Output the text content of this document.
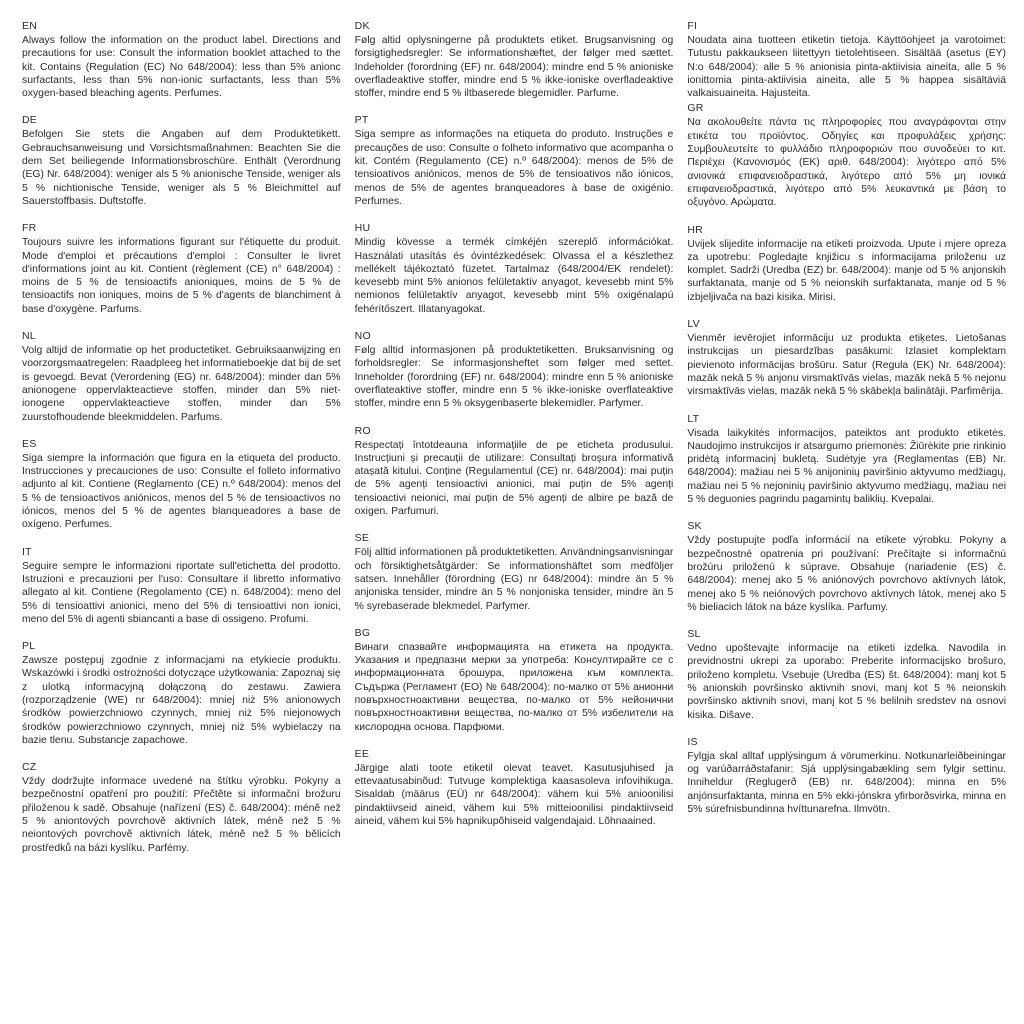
EN

Always follow the information on the product label. Directions and precautions for use: Consult the information booklet attached to the kit. Contains (Regulation (EC) No 648/2004): less than 5% anionc surfactants, less than 5% non-ionic surfactants, less than 5% oxygen-based bleaching agents. Perfumes.

DE

Befolgen Sie stets die Angaben auf dem Produktetikett. Gebrauchsanweisung und Vorsichtsmaßnahmen: Beachten Sie die dem Set beiliegende Informationsbroschüre. Enthält (Verordnung (EG) Nr. 648/2004): weniger als 5 % anionische Tenside, weniger als 5 % nichtionische Tenside, weniger als 5 % Bleichmittel auf Sauerstoffbasis. Duftstoffe.

FR

Toujours suivre les informations figurant sur l'étiquette du produit. Mode d'emploi et précautions d'emploi : Consulter le livret d'informations joint au kit. Contient (règlement (CE) n° 648/2004) : moins de 5 % de tensioactifs anioniques, moins de 5 % de tensioactifs non ioniques, moins de 5 % d'agents de blanchiment à base d'oxygène. Parfums.

NL

Volg altijd de informatie op het productetiket. Gebruiksaanwijzing en voorzorgsmaatregelen: Raadpleeg het informatieboekje dat bij de set is gevoegd. Bevat (Verordening (EG) nr. 648/2004): minder dan 5% anionogene oppervlakteactieve stoffen, minder dan 5% niet-ionogene oppervlakteactieve stoffen, minder dan 5% zuurstofhoudende bleekmiddelen. Parfums.

ES

Siga siempre la información que figura en la etiqueta del producto. Instrucciones y precauciones de uso: Consulte el folleto informativo adjunto al kit. Contiene (Reglamento (CE) n.º 648/2004): menos del 5 % de tensioactivos aniónicos, menos del 5 % de tensioactivos no iónicos, menos del 5 % de agentes blanqueadores a base de oxígeno. Perfumes.

IT

Seguire sempre le informazioni riportate sull'etichetta del prodotto. Istruzioni e precauzioni per l'uso: Consultare il libretto informativo allegato al kit. Contiene (Regolamento (CE) n. 648/2004): meno del 5% di tensioattivi anionici, meno del 5% di tensioattivi non ionici, meno del 5% di agenti sbiancanti a base di ossigeno. Profumi.

PL

Zawsze postępuj zgodnie z informacjami na etykiecie produktu. Wskazówki i środki ostrożności dotyczące użytkowania: Zapoznaj się z ulotką informacyjną dołączoną do zestawu. Zawiera (rozporządzenie (WE) nr 648/2004): mniej niż 5% anionowych środków powierzchniowo czynnych, mniej niż 5% niejonowych środków powierzchniowo czynnych, mniej niż 5% wybielaczy na bazie tlenu. Substancje zapachowe.

CZ

Vždy dodržujte informace uvedené na štítku výrobku. Pokyny a bezpečnostní opatření pro použití: Přečtěte si informační brožuru přiloženou k sadě. Obsahuje (nařízení (ES) č. 648/2004): méně než 5 % aniontových povrchově aktivních látek, méně než 5 % neiontových povrchově aktivních látek, méně než 5 % bělicích prostředků na bázi kyslíku. Parfémy.

DK

Følg altid oplysningerne på produktets etiket. Brugsanvisning og forsigtighedsregler: Se informationshæftet, der følger med sættet. Indeholder (forordning (EF) nr. 648/2004): mindre end 5 % anioniske overfladeaktive stoffer, mindre end 5 % ikke-ioniske overfladeaktive stoffer, mindre end 5 % iltbaserede blegemidler. Parfume.

PT

Siga sempre as informações na etiqueta do produto. Instruções e precauções de uso: Consulte o folheto informativo que acompanha o kit. Contém (Regulamento (CE) n.º 648/2004): menos de 5% de tensioativos aniónicos, menos de 5% de tensioativos não iónicos, menos de 5% de agentes branqueadores à base de oxigénio. Perfumes.

HU

Mindig kövesse a termék címkéjén szereplő információkat. Használati utasítás és óvintézkedések: Olvassa el a készlethez mellékelt tájékoztató füzetet. Tartalmaz (648/2004/EK rendelet): kevesebb mint 5% anionos felületaktív anyagot, kevesebb mint 5% nemionos felületaktív anyagot, kevesebb mint 5% oxigénalapú fehérítőszert. Illatanyagokat.

NO

Følg alltid informasjonen på produktetiketten. Bruksanvisning og forholdsregler: Se informasjonsheftet som følger med settet. Inneholder (forordning (EF) nr. 648/2004): mindre enn 5 % anioniske overflateaktive stoffer, mindre enn 5 % ikke-ioniske overflateaktive stoffer, mindre enn 5 % oksygenbaserte blekemidler. Parfymer.

RO

Respectați întotdeauna informațiile de pe eticheta produsului. Instrucțiuni și precauții de utilizare: Consultați broșura informativă atașată kitului. Conține (Regulamentul (CE) nr. 648/2004): mai puțin de 5% agenți tensioactivi anionici, mai puțin de 5% agenți tensioactivi neionici, mai puțin de 5% agenți de albire pe bază de oxigen. Parfumuri.

SE

Följ alltid informationen på produktetiketten. Användningsanvisningar och försiktighetsåtgärder: Se informationshäftet som medföljer satsen. Innehåller (förordning (EG) nr 648/2004): mindre än 5 % anjoniska tensider, mindre än 5 % nonjoniska tensider, mindre än 5 % syrebaserade blekmedel. Parfymer.

BG

Винаги спазвайте информацията на етикета на продукта. Указания и предпазни мерки за употреба: Консултирайте се с информационната брошура, приложена към комплекта. Съдържа (Регламент (ЕО) № 648/2004): по-малко от 5% анионни повърхностноактивни вещества, по-малко от 5% нейонични повърхностноактивни вещества, по-малко от 5% избелители на кислородна основа. Парфюми.

EE

Järgige alati toote etiketil olevat teavet. Kasutusjuhised ja ettevaatusabinõud: Tutvuge komplektiga kaasasoleva infovihikuga. Sisaldab (määrus (EÜ) nr 648/2004): vähem kui 5% anioonilisi pindaktiivseid aineid, vähem kui 5% mitteioonilisi pindaktiivseid aineid, vähem kui 5% hapnikupõhiseid valgendajaid. Lõhnaained.

FI

Noudata aina tuotteen etiketin tietoja. Käyttöohjeet ja varotoimet: Tutustu pakkaukseen liitettyyn tietolehtiseen. Sisältää (asetus (EY) N:o 648/2004): alle 5 % anionisia pinta-aktiivisia aineita, alle 5 % ionittomia pinta-aktiivisia aineita, alle 5 % happea sisältäviä valkaisuaineita. Hajusteita.

GR

Να ακολουθείτε πάντα τις πληροφορίες που αναγράφονται στην ετικέτα του προϊόντος. Οδηγίες και προφυλάξεις χρήσης: Συμβουλευτείτε το φυλλάδιο πληροφοριών που συνοδεύει το κιτ. Περιέχει (Κανονισμός (ΕΚ) αριθ. 648/2004): λιγότερο από 5% ανιονικά επιφανειοδραστικά, λιγότερο από 5% μη ιονικά επιφανειοδραστικά, λιγότερο από 5% λευκαντικά με βάση το οξυγόνο. Αρώματα.

HR

Uvijek slijedite informacije na etiketi proizvoda. Upute i mjere opreza za upotrebu: Pogledajte knjižicu s informacijama priloženu uz komplet. Sadrži (Uredba (EZ) br. 648/2004): manje od 5 % anjonskih surfaktanata, manje od 5 % neionskih surfaktanata, manje od 5 % izbjeljivača na bazi kisika. Mirisi.

LV

Vienmēr ievērojiet informāciju uz produkta etiķetes. Lietošanas instrukcijas un piesardzības pasākumi: Izlasiet komplektam pievienoto informācijas brošūru. Satur (Regula (EK) Nr. 648/2004): mazāk nekā 5 % anjonu virsmaktīvās vielas, mazāk nekā 5 % nejonu virsmaktīvās vielas, mazāk nekā 5 % skābekļa balinātāji. Parfimērija.

LT

Visada laikykitės informacijos, pateiktos ant produkto etiketės. Naudojimo instrukcijos ir atsargumo priemonės: Žiūrėkite prie rinkinio pridėtą informacinį bukletą. Sudėtyje yra (Reglamentas (EB) Nr. 648/2004): mažiau nei 5 % anijoninių paviršinio aktyvumo medžiagų, mažiau nei 5 % nejoninių paviršinio aktyvumo medžiagų, mažiau nei 5 % deguonies pagrindu pagamintų baliklių. Kvepalai.

SK

Vždy postupujte podľa informácií na etikete výrobku. Pokyny a bezpečnostné opatrenia pri používaní: Prečítajte si informačnú brožúru priloženú k súprave. Obsahuje (nariadenie (ES) č. 648/2004): menej ako 5 % aniónových povrchovo aktívnych látok, menej ako 5 % neiónových povrchovo aktívnych látok, menej ako 5 % bieliacich látok na báze kyslíka. Parfumy.

SL

Vedno upoštevajte informacije na etiketi izdelka. Navodila in previdnostni ukrepi za uporabo: Preberite informacijsko brošuro, priloženo kompletu. Vsebuje (Uredba (ES) št. 648/2004): manj kot 5 % anionskih površinsko aktivnih snovi, manj kot 5 % neionskih površinsko aktivnih snovi, manj kot 5 % belilnih sredstev na osnovi kisika. Dišave.

IS

Fylgja skal alltaf upplýsingum á vörumerkinu. Notkunarleiðbeiningar og varúðarráðstafanir: Sjá upplýsingabækling sem fylgir settinu. Inniheldur (Reglugerð (EB) nr. 648/2004): minna en 5% anjónsurfaktanta, minna en 5% ekki-jónskra yfirborðsvirka, minna en 5% súrefnisbundinna hvíttunarefna. Ilmvötn.
